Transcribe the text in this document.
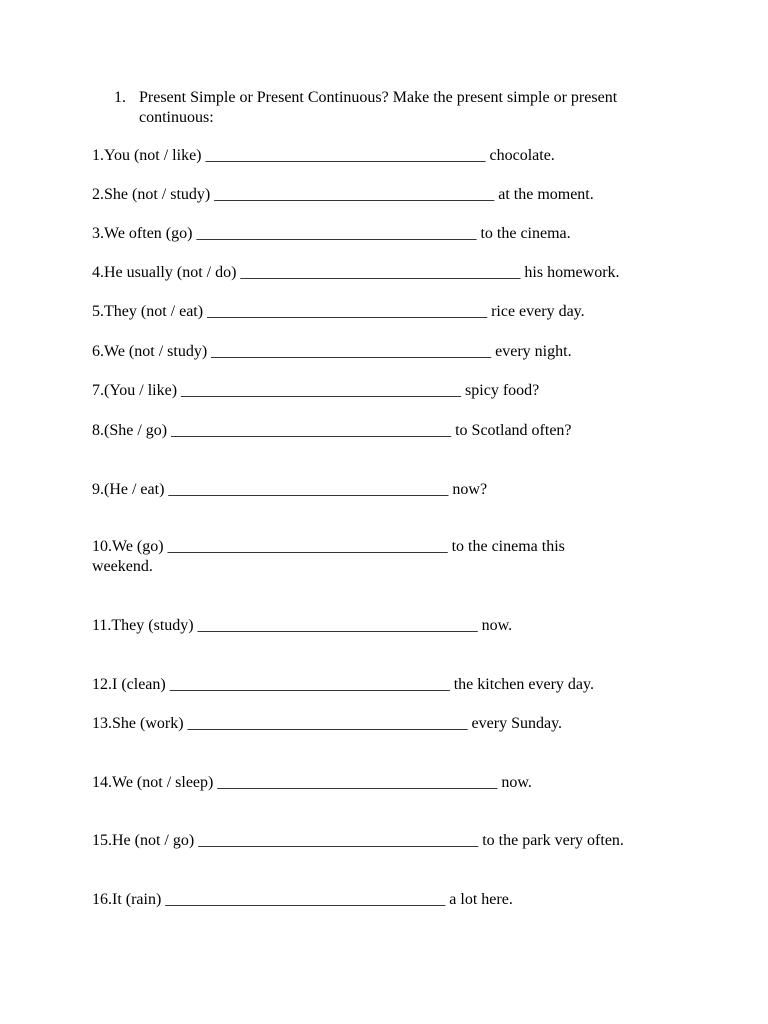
1. Present Simple or Present Continuous? Make the present simple or present continuous:
1.You (not / like) ___________________________________ chocolate.
2.She (not / study) ___________________________________ at the moment.
3.We often (go) ___________________________________ to the cinema.
4.He usually (not / do) ___________________________________ his homework.
5.They (not / eat) ___________________________________ rice every day.
6.We (not / study) ___________________________________ every night.
7.(You / like) ___________________________________ spicy food?
8.(She / go) ___________________________________ to Scotland often?
9.(He / eat) ___________________________________ now?
10.We (go) ___________________________________ to the cinema this
weekend.
11.They (study) ___________________________________ now.
12.I (clean) ___________________________________ the kitchen every day.
13.She (work) ___________________________________ every Sunday.
14.We (not / sleep) ___________________________________ now.
15.He (not / go) ___________________________________ to the park very often.
16.It (rain) ___________________________________ a lot here.
